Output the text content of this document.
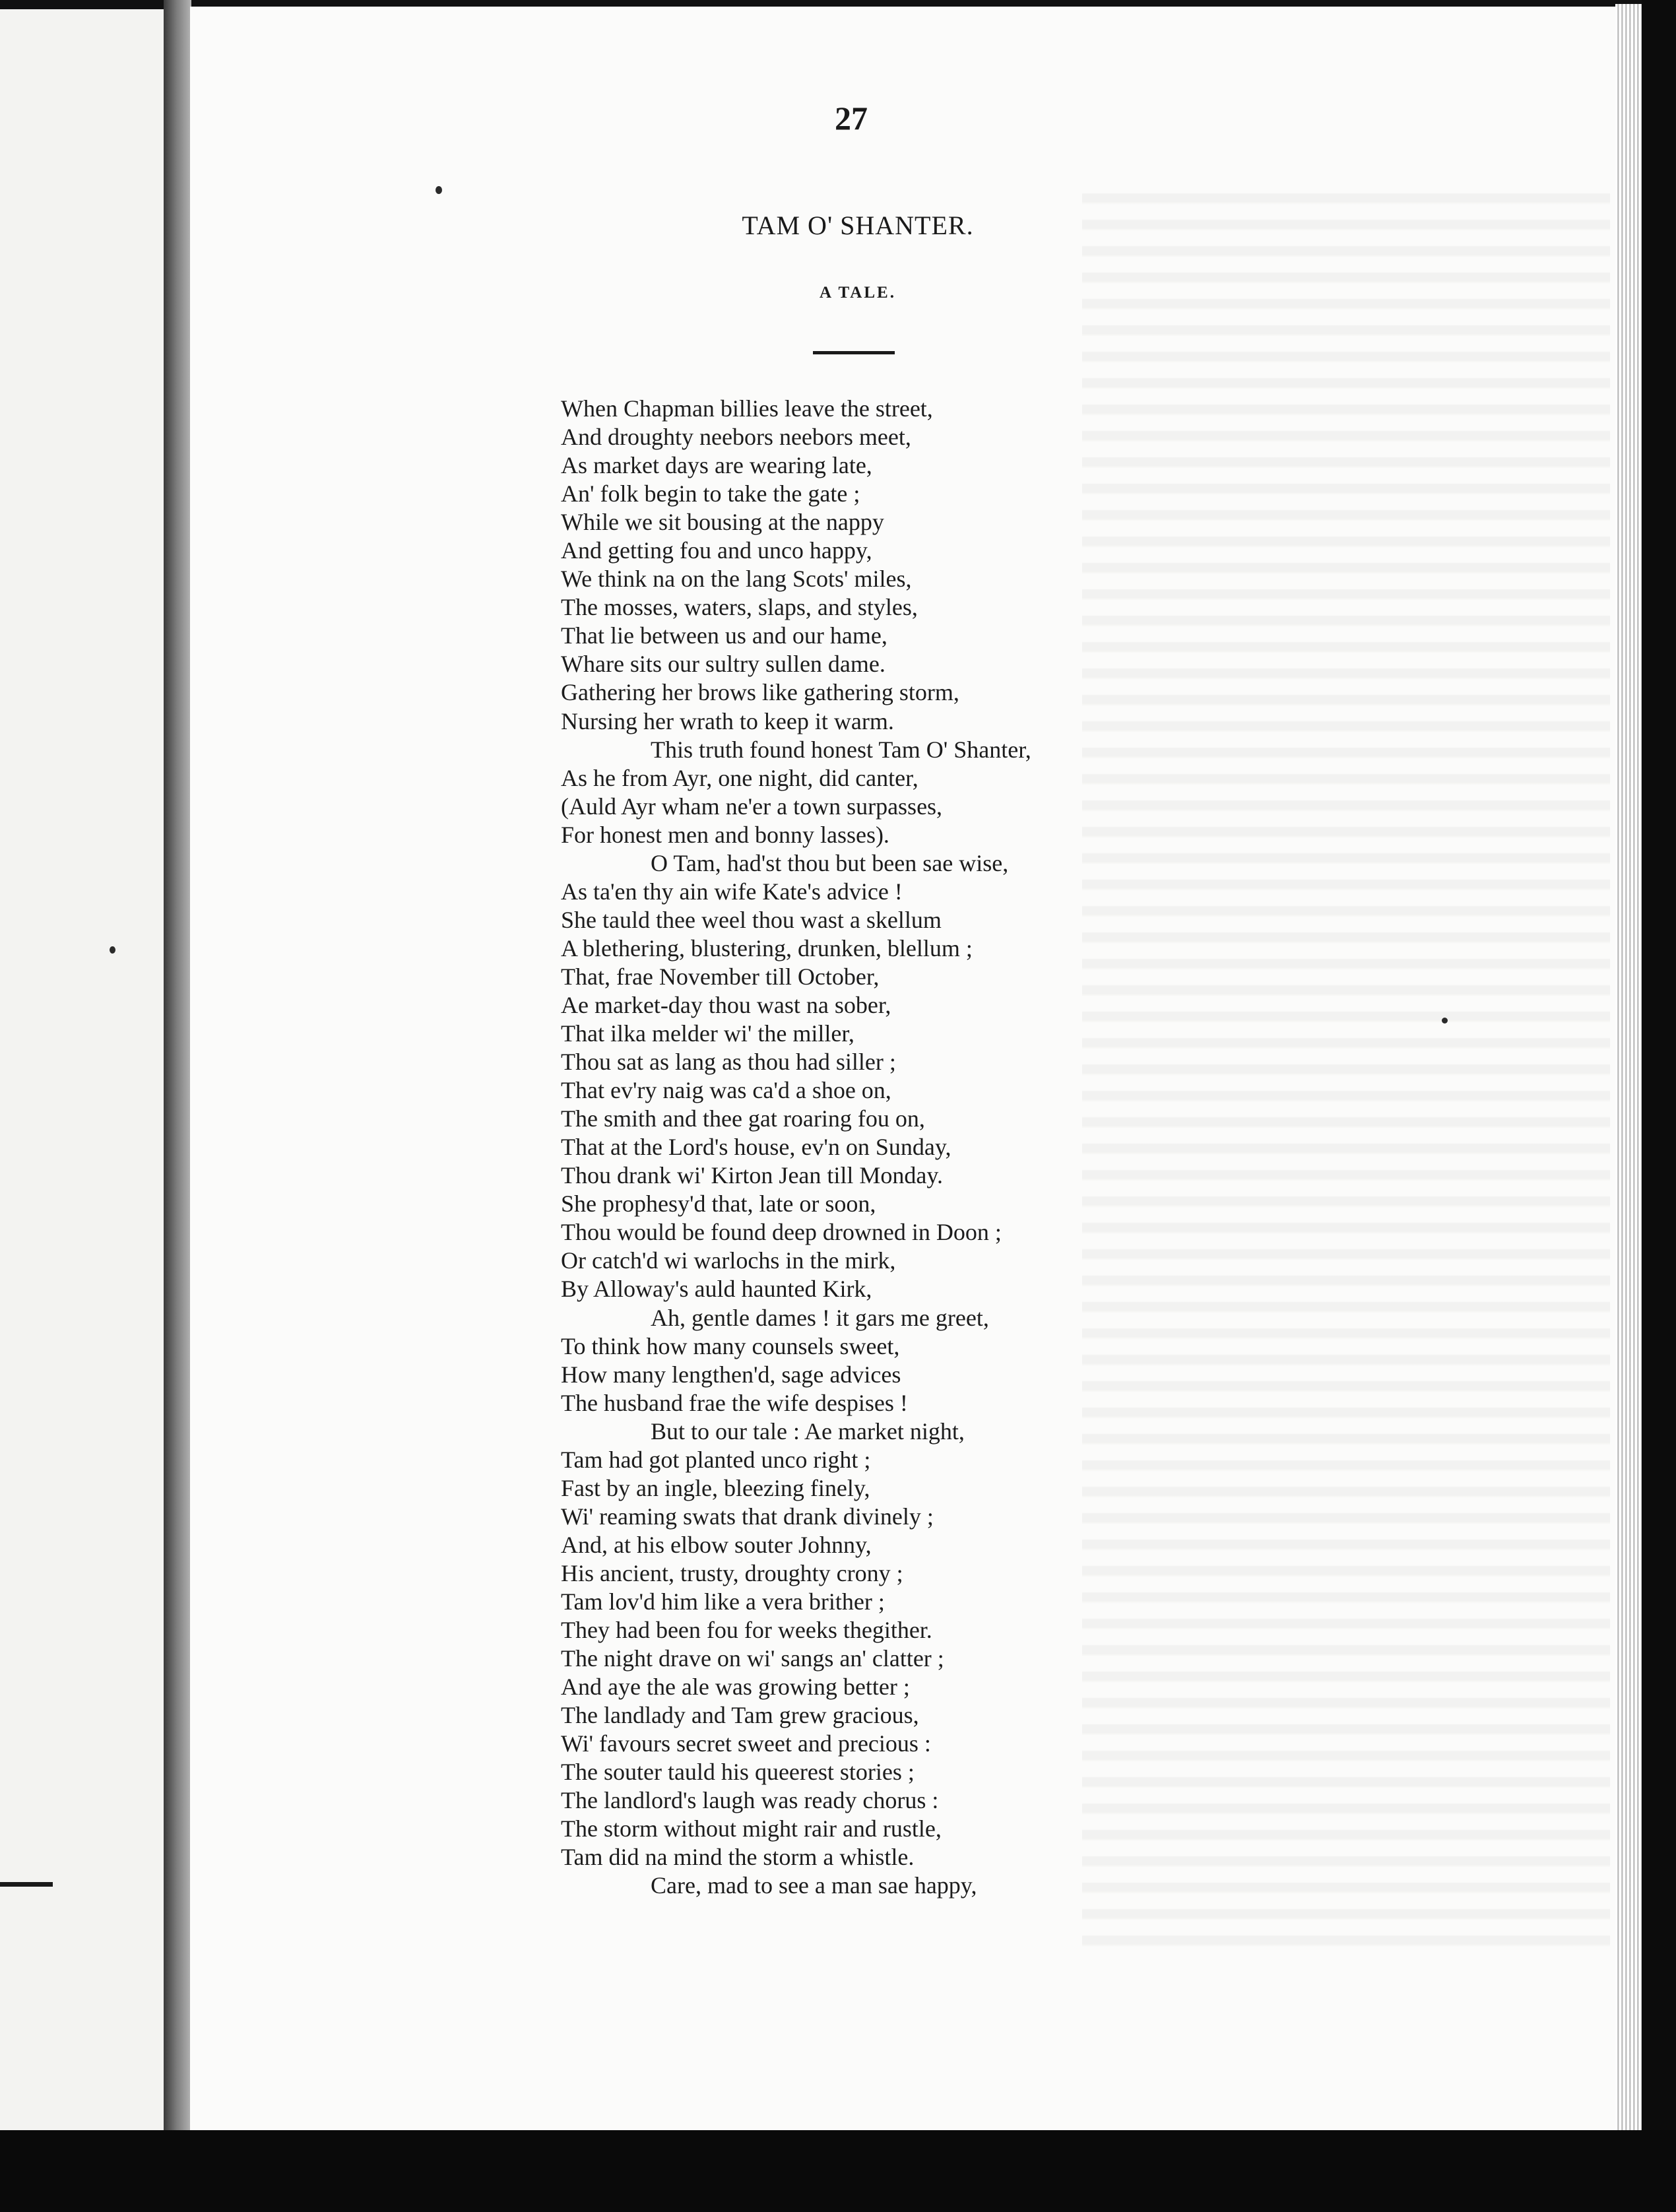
27
TAM O' SHANTER.
A TALE.
When Chapman billies leave the street,
And droughty neebors neebors meet,
As market days are wearing late,
An' folk begin to take the gate ;
While we sit bousing at the nappy
And getting fou and unco happy,
We think na on the lang Scots' miles,
The mosses, waters, slaps, and styles,
That lie between us and our hame,
Whare sits our sultry sullen dame.
Gathering her brows like gathering storm,
Nursing her wrath to keep it warm.
This truth found honest Tam O' Shanter,
As he from Ayr, one night, did canter,
(Auld Ayr wham ne'er a town surpasses,
For honest men and bonny lasses).
O Tam, had'st thou but been sae wise,
As ta'en thy ain wife Kate's advice !
She tauld thee weel thou wast a skellum
A blethering, blustering, drunken, blellum ;
That, frae November till October,
Ae market-day thou wast na sober,
That ilka melder wi' the miller,
Thou sat as lang as thou had siller ;
That ev'ry naig was ca'd a shoe on,
The smith and thee gat roaring fou on,
That at the Lord's house, ev'n on Sunday,
Thou drank wi' Kirton Jean till Monday.
She prophesy'd that, late or soon,
Thou would be found deep drowned in Doon ;
Or catch'd wi warlochs in the mirk,
By Alloway's auld haunted Kirk,
Ah, gentle dames ! it gars me greet,
To think how many counsels sweet,
How many lengthen'd, sage advices
The husband frae the wife despises !
But to our tale : Ae market night,
Tam had got planted unco right ;
Fast by an ingle, bleezing finely,
Wi' reaming swats that drank divinely ;
And, at his elbow souter Johnny,
His ancient, trusty, droughty crony ;
Tam lov'd him like a vera brither ;
They had been fou for weeks thegither.
The night drave on wi' sangs an' clatter ;
And aye the ale was growing better ;
The landlady and Tam grew gracious,
Wi' favours secret sweet and precious :
The souter tauld his queerest stories ;
The landlord's laugh was ready chorus :
The storm without might rair and rustle,
Tam did na mind the storm a whistle.
Care, mad to see a man sae happy,
